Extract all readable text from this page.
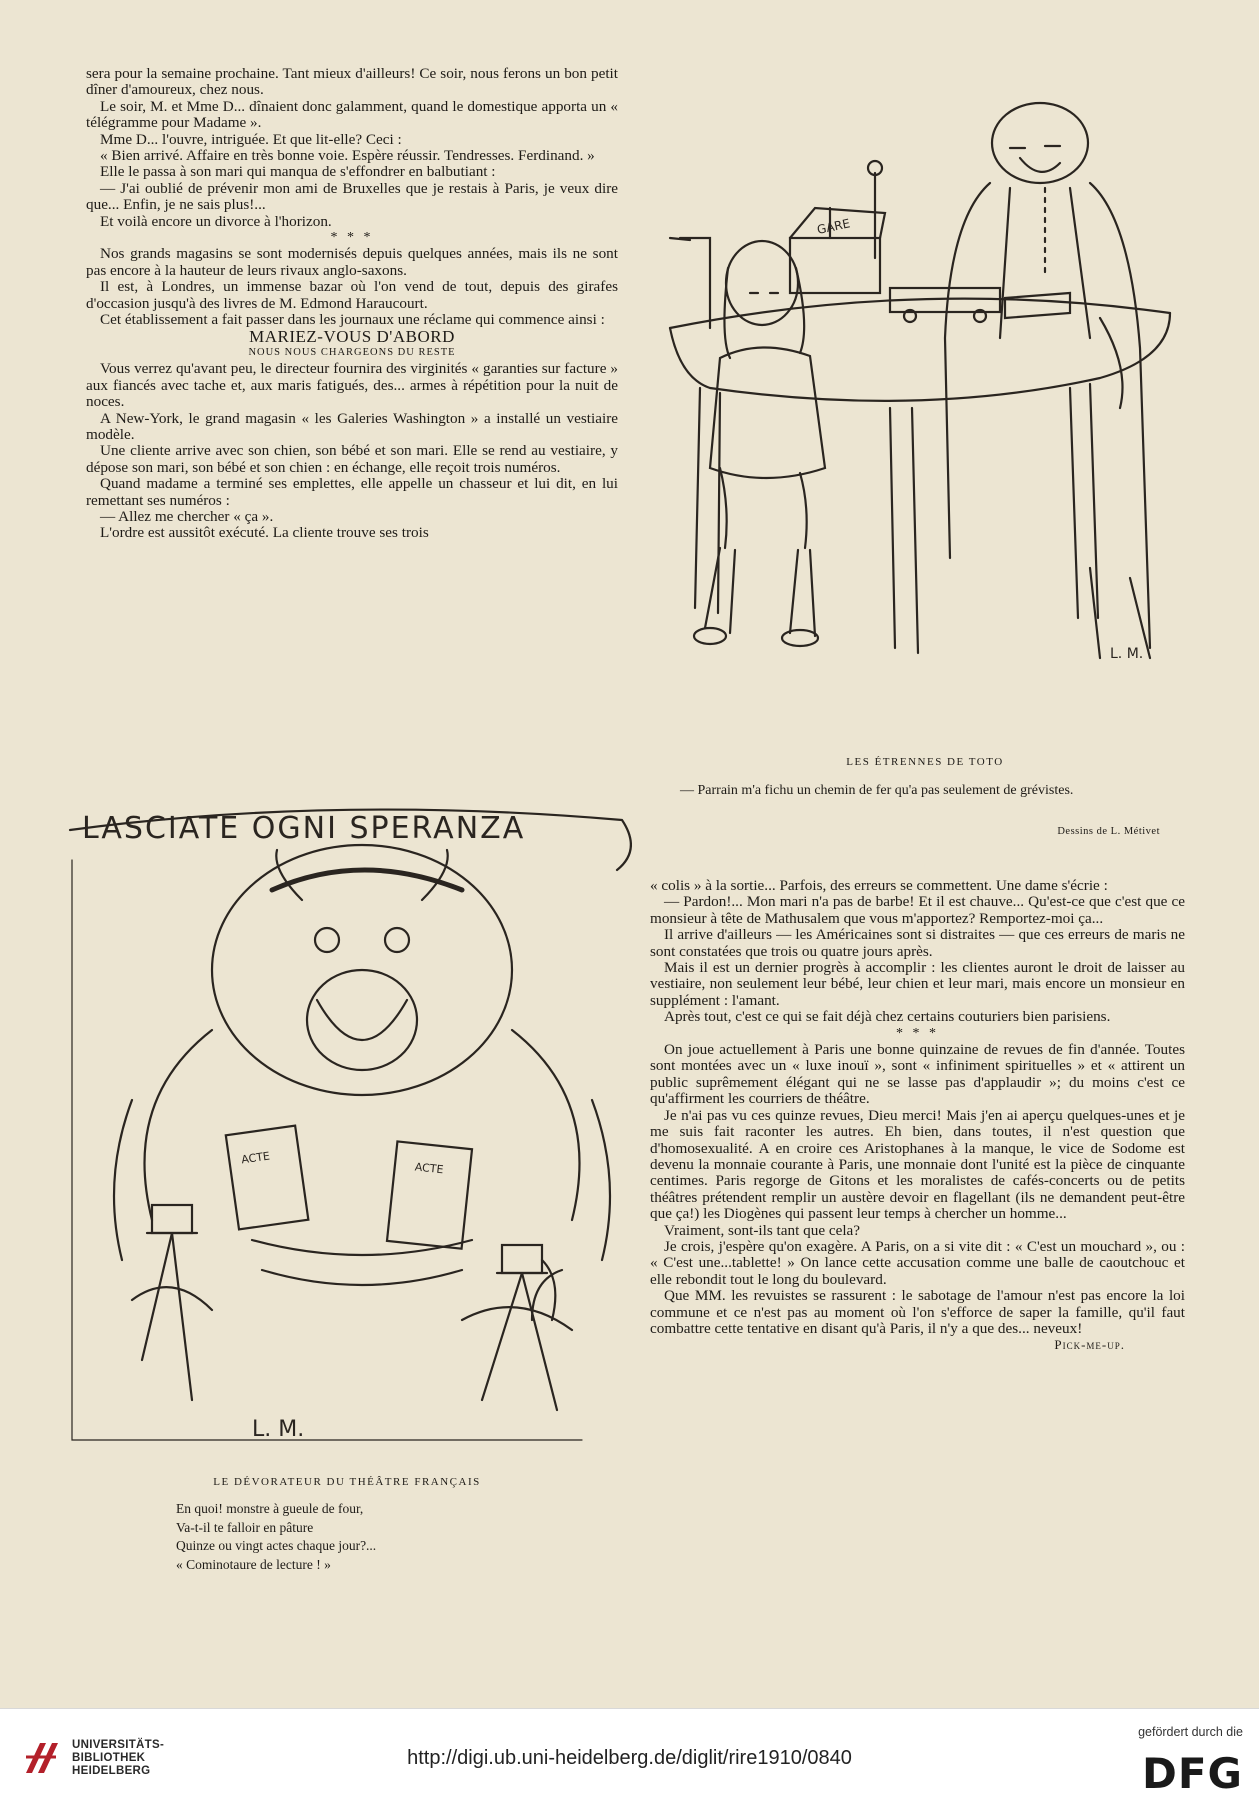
sera pour la semaine prochaine. Tant mieux d'ailleurs! Ce soir, nous ferons un bon petit dîner d'amoureux, chez nous.

Le soir, M. et Mme D... dînaient donc galamment, quand le domestique apporta un « télégramme pour Madame ».

Mme D... l'ouvre, intriguée. Et que lit-elle? Ceci :

« Bien arrivé. Affaire en très bonne voie. Espère réussir. Tendresses. Ferdinand. »

Elle le passa à son mari qui manqua de s'effondrer en balbutiant :

— J'ai oublié de prévenir mon ami de Bruxelles que je restais à Paris, je veux dire que... Enfin, je ne sais plus!...

Et voilà encore un divorce à l'horizon.

* * *

Nos grands magasins se sont modernisés depuis quelques années, mais ils ne sont pas encore à la hauteur de leurs rivaux anglo-saxons.

Il est, à Londres, un immense bazar où l'on vend de tout, depuis des girafes d'occasion jusqu'à des livres de M. Edmond Haraucourt.

Cet établissement a fait passer dans les journaux une réclame qui commence ainsi :

MARIEZ-VOUS D'ABORD

NOUS NOUS CHARGEONS DU RESTE

Vous verrez qu'avant peu, le directeur fournira des virginités « garanties sur facture » aux fiancés avec tache et, aux maris fatigués, des... armes à répétition pour la nuit de noces.

A New-York, le grand magasin « les Galeries Washington » a installé un vestiaire modèle.

Une cliente arrive avec son chien, son bébé et son mari. Elle se rend au vestiaire, y dépose son mari, son bébé et son chien : en échange, elle reçoit trois numéros.

Quand madame a terminé ses emplettes, elle appelle un chasseur et lui dit, en lui remettant ses numéros :

— Allez me chercher « ça ».

L'ordre est aussitôt exécuté. La cliente trouve ses trois

GARE
L. M.
LES ÉTRENNES DE TOTO
— Parrain m'a fichu un chemin de fer qu'a pas seulement de grévistes.
Dessins de L. Métivet
LASCIATE OGNI SPERANZA
ACTE
ACTE
L. M.
LE DÉVORATEUR DU THÉÂTRE FRANÇAIS
En quoi! monstre à gueule de four,
Va-t-il te falloir en pâture
Quinze ou vingt actes chaque jour?...
« Cominotaure de lecture ! »

« colis » à la sortie... Parfois, des erreurs se commettent. Une dame s'écrie :

— Pardon!... Mon mari n'a pas de barbe! Et il est chauve... Qu'est-ce que c'est que ce monsieur à tête de Mathusalem que vous m'apportez? Remportez-moi ça...

Il arrive d'ailleurs — les Américaines sont si distraites — que ces erreurs de maris ne sont constatées que trois ou quatre jours après.

Mais il est un dernier progrès à accomplir : les clientes auront le droit de laisser au vestiaire, non seulement leur bébé, leur chien et leur mari, mais encore un monsieur en supplément : l'amant.

Après tout, c'est ce qui se fait déjà chez certains couturiers bien parisiens.

* * *

On joue actuellement à Paris une bonne quinzaine de revues de fin d'année. Toutes sont montées avec un « luxe inouï », sont « infiniment spirituelles » et « attirent un public suprêmement élégant qui ne se lasse pas d'applaudir »; du moins c'est ce qu'affirment les courriers de théâtre.

Je n'ai pas vu ces quinze revues, Dieu merci! Mais j'en ai aperçu quelques-unes et je me suis fait raconter les autres. Eh bien, dans toutes, il n'est question que d'homosexualité. A en croire ces Aristophanes à la manque, le vice de Sodome est devenu la monnaie courante à Paris, une monnaie dont l'unité est la pièce de cinquante centimes. Paris regorge de Gitons et les moralistes de cafés-concerts ou de petits théâtres prétendent remplir un austère devoir en flagellant (ils ne demandent peut-être que ça!) les Diogènes qui passent leur temps à chercher un homme...

Vraiment, sont-ils tant que cela?

Je crois, j'espère qu'on exagère. A Paris, on a si vite dit : « C'est un mouchard », ou : « C'est une...tablette! » On lance cette accusation comme une balle de caoutchouc et elle rebondit tout le long du boulevard.

Que MM. les revuistes se rassurent : le sabotage de l'amour n'est pas encore la loi commune et ce n'est pas au moment où l'on s'efforce de saper la famille, qu'il faut combattre cette tentative en disant qu'à Paris, il n'y a que des... neveux!

Pick-me-up.

UNIVERSITÄTS-
BIBLIOTHEK
HEIDELBERG
http://digi.ub.uni-heidelberg.de/diglit/rire1910/0840
gefördert durch die
DFG
